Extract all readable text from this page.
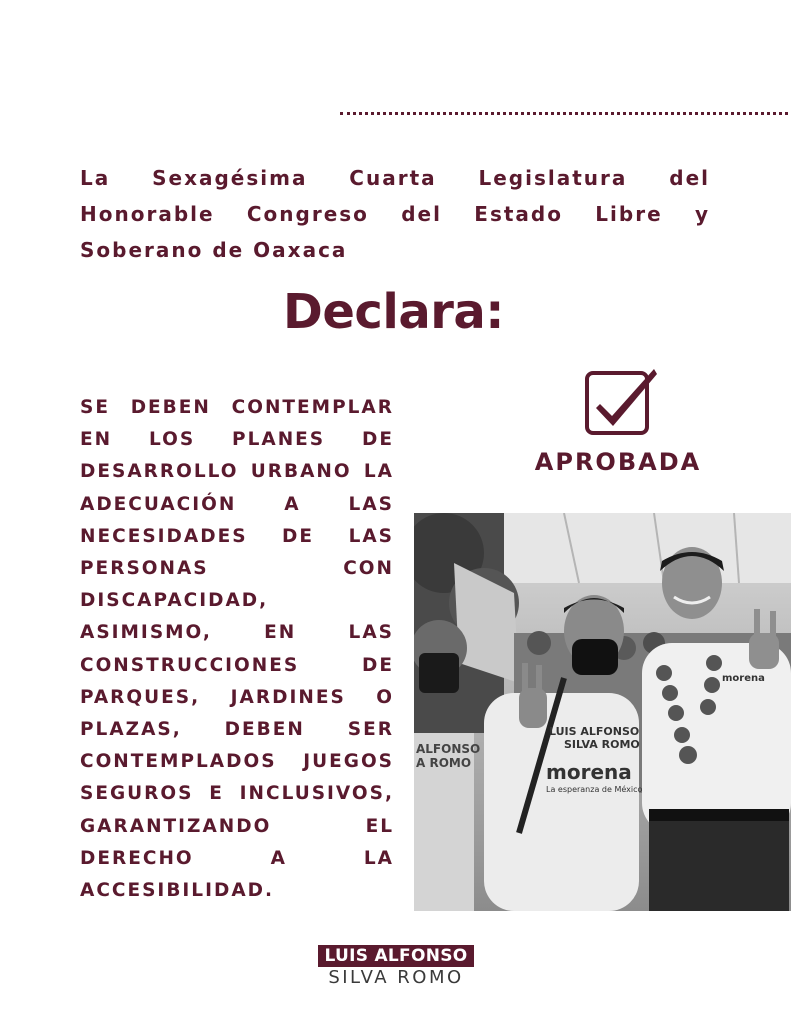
La Sexagésima Cuarta Legislatura del Honorable Congreso del Estado Libre y Soberano de Oaxaca
Declara:
SE DEBEN CONTEMPLAR EN LOS PLANES DE DESARROLLO URBANO LA ADECUACIÓN A LAS NECESIDADES DE LAS PERSONAS CON DISCAPACIDAD, ASIMISMO, EN LAS CONSTRUCCIONES DE PARQUES, JARDINES O PLAZAS, DEBEN SER CONTEMPLADOS JUEGOS SEGUROS E INCLUSIVOS, GARANTIZANDO EL DERECHO A LA ACCESIBILIDAD.
APROBADA
ALFONSO
A ROMO
LUIS ALFONSO
SILVA ROMO
morena
La esperanza de México
morena
LUIS ALFONSO
SILVA ROMO
